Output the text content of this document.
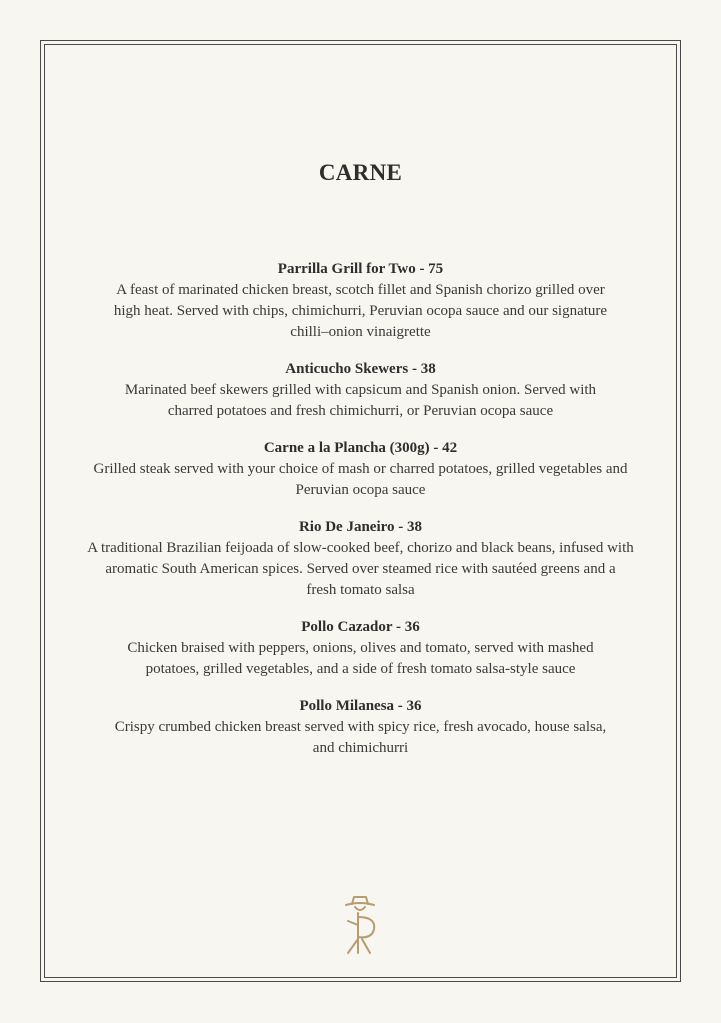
CARNE
Parrilla Grill for Two - 75
A feast of marinated chicken breast, scotch fillet and Spanish chorizo grilled over
high heat. Served with chips, chimichurri, Peruvian ocopa sauce and our signature
chilli–onion vinaigrette
Anticucho Skewers - 38
Marinated beef skewers grilled with capsicum and Spanish onion. Served with
charred potatoes and fresh chimichurri, or Peruvian ocopa sauce
Carne a la Plancha (300g) - 42
Grilled steak served with your choice of mash or charred potatoes, grilled vegetables and
Peruvian ocopa sauce
Rio De Janeiro - 38
A traditional Brazilian feijoada of slow-cooked beef, chorizo and black beans, infused with
aromatic South American spices. Served over steamed rice with sautéed greens and a
fresh tomato salsa
Pollo Cazador - 36
Chicken braised with peppers, onions, olives and tomato, served with mashed
potatoes, grilled vegetables, and a side of fresh tomato salsa-style sauce
Pollo Milanesa - 36
Crispy crumbed chicken breast served with spicy rice, fresh avocado, house salsa,
and chimichurri
